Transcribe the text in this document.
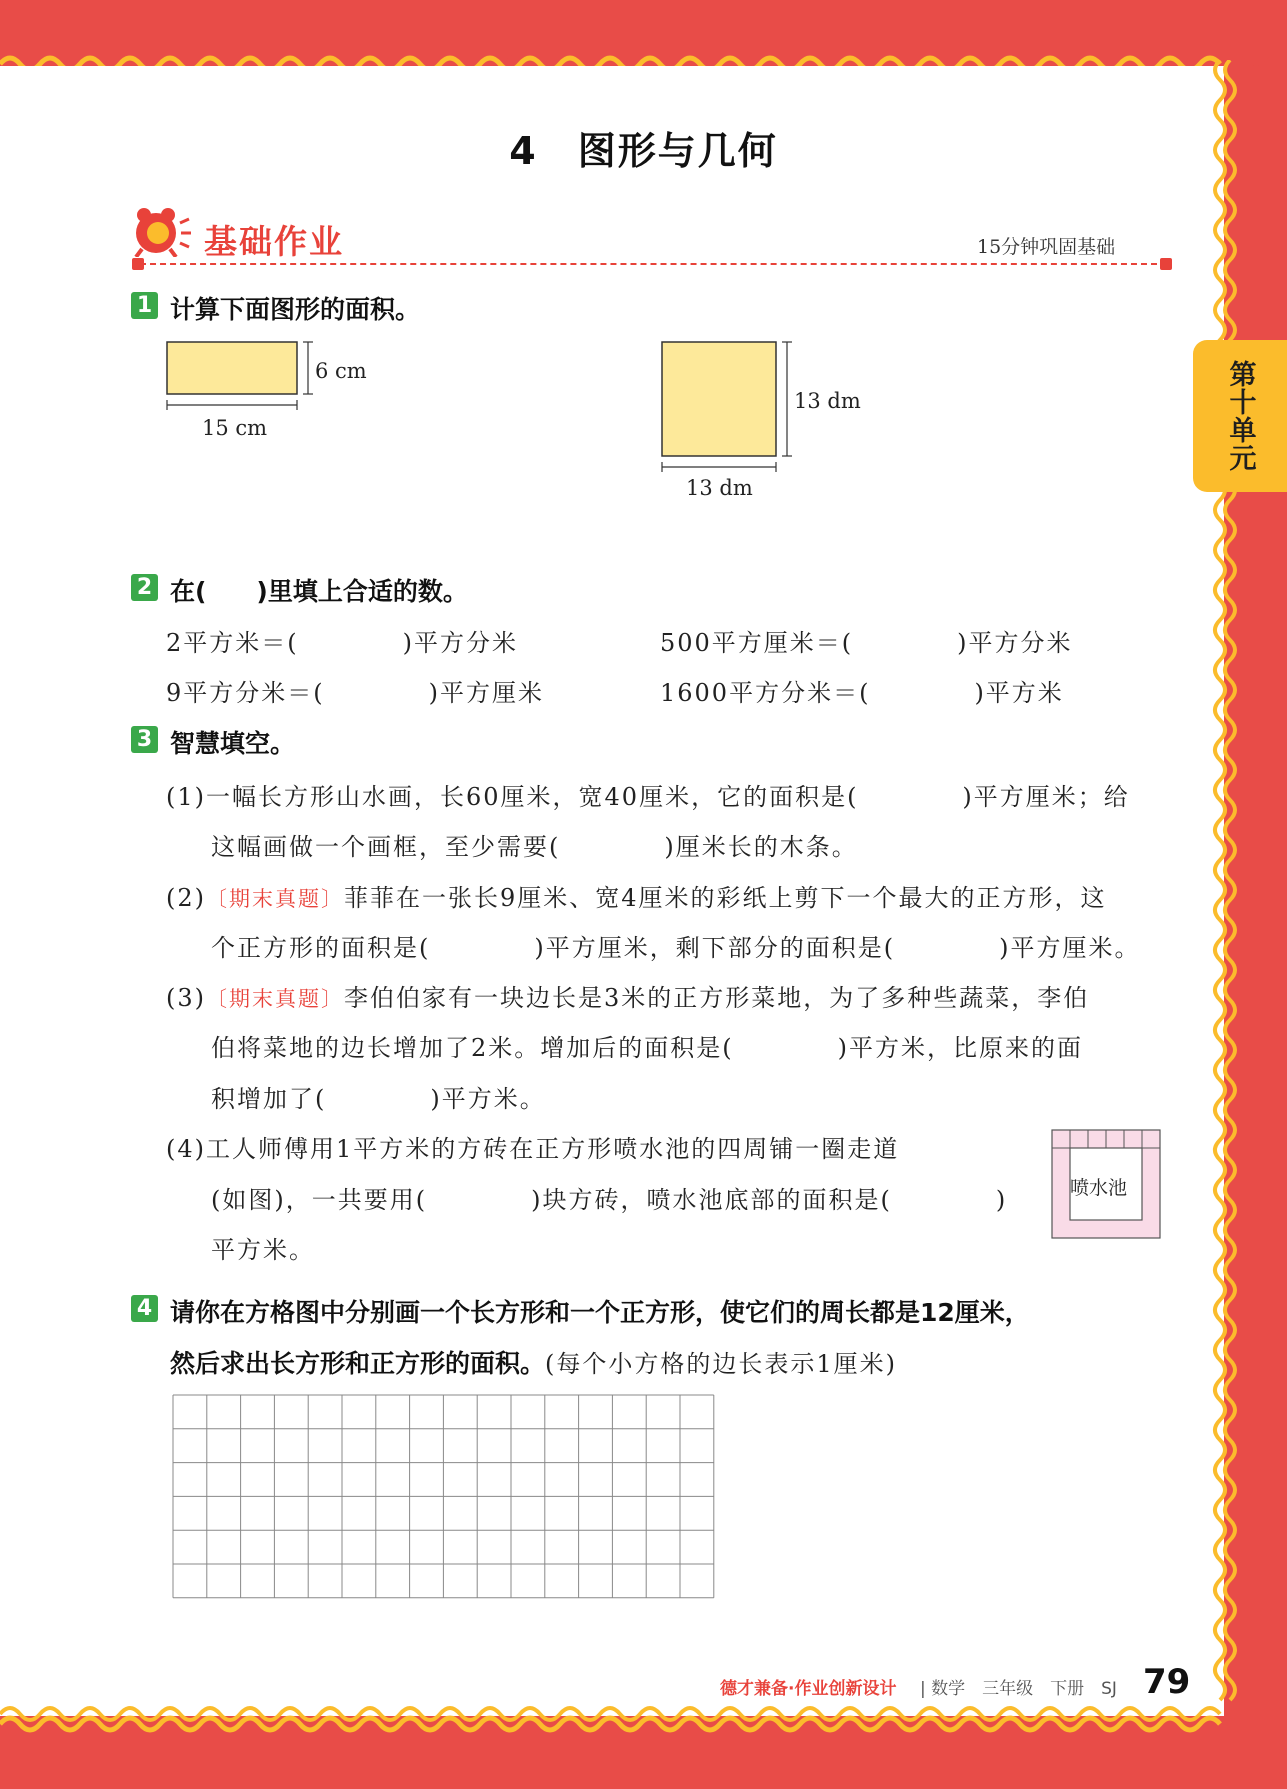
第十单元
4　图形与几何
基础作业	15分钟巩固基础
1 计算下面图形的面积。
6 cm
15 cm
13 dm
13 dm
2 在(　　)里填上合适的数。
2平方米＝(　　　　)平方分米	500平方厘米＝(　　　　)平方分米
9平方分米＝(　　　　)平方厘米	1600平方分米＝(　　　　)平方米
3 智慧填空。
(1)一幅长方形山水画，长60厘米，宽40厘米，它的面积是(　　　　)平方厘米；给
这幅画做一个画框，至少需要(　　　　)厘米长的木条。
(2)〔期末真题〕菲菲在一张长9厘米、宽4厘米的彩纸上剪下一个最大的正方形，这
个正方形的面积是(　　　　)平方厘米，剩下部分的面积是(　　　　)平方厘米。
(3)〔期末真题〕李伯伯家有一块边长是3米的正方形菜地，为了多种些蔬菜，李伯
伯将菜地的边长增加了2米。增加后的面积是(　　　　)平方米，比原来的面
积增加了(　　　　)平方米。
(4)工人师傅用1平方米的方砖在正方形喷水池的四周铺一圈走道
(如图)，一共要用(　　　　)块方砖，喷水池底部的面积是(　　　　)
平方米。
喷水池
4 请你在方格图中分别画一个长方形和一个正方形，使它们的周长都是12厘米，
然后求出长方形和正方形的面积。(每个小方格的边长表示1厘米)
德才兼备·作业创新设计 | 数学　三年级　下册　SJ 79
